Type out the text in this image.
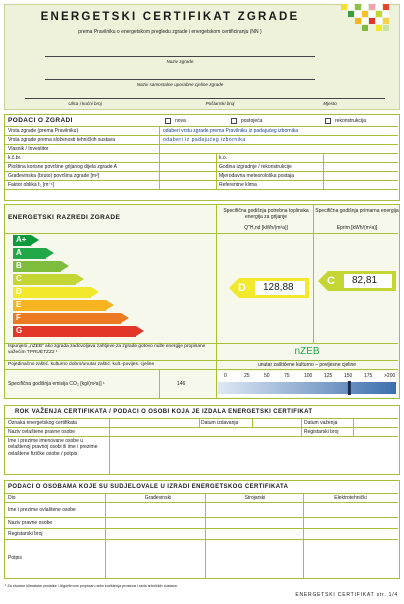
ENERGETSKI CERTIFIKAT ZGRADE
prema Pravilniku o energetskom pregledu zgrade i energetskom certificiranju (NN )
Naziv zgrade
Naziv samostalne uporabne cjeline zgrade
Ulica i kućni broj	Poštanski broj	Mjesto
PODACI O ZGRADI	nova	postojeća	rekonstrukcija
Vrsta zgrade (prema Pravilniku)	odaberi vrstu zgrade prema Pravilniku iz padajućeg izbornika
Vrsta zgrade prema složenosti tehničkih sustava	odaberi iz padajućeg izbornika
Vlasnik / Investitor
k.č.br.	k.o.
Ploština korisne površine grijanog dijela zgrade A	Godina izgradnje / rekonstrukcije
Građevinska (bruto) površina zgrade [m²]	Mjerodavna meteorološka postaja
Faktor oblika f₀ [m⁻¹]	Referentne klima
ENERGETSKI RAZREDI ZGRADE
Specifična godišnja potrebna toplinska energija za grijanje
Q''H,nd [kWh/(m²a)]
Specifična godišnja primarna energija
Eprim [kWh/(m²a)]
A+
A
B
C
D
E
F
G
D 128,88
C 82,81
Ispunjeni „nZEB“ ako zgrada zadovoljava zahtjeve za zgrade gotovo nulte energije propisane važećim TPRUETZZ2 ¹	nZEB
Pojedinačno zaštić. kulturno dobro/unutar zaštić. kult.-povijes. cjeline	unutar zaštićene kulturno – povijesne cjeline
Specifična godišnja emisija CO₂ [kg/(m²a)] ¹	146
0	25	50	75	100 125 150 175 >200
ROK VAŽENJA CERTIFIKATA / PODACI O OSOBI KOJA JE IZDALA ENERGETSKI CERTIFIKAT
Oznaka energetskog certifikata	Datum izdavanja	Datum važenja
Naziv ovlaštene pravne osobe	Registarski broj
Ime i prezime imenovane osobe u ovlaštenoj pravnoj osobi ili ime i prezime ovlaštene fizičke osobe / potpis
PODACI O OSOBAMA KOJE SU SUDJELOVALE U IZRADI ENERGETSKOG CERTIFIKATA
Dio	Građevinski	Strojarski	Elektrotehnički
Ime i prezime ovlaštene osobe
Naziv pravne osobe
Registarski broj
Potpis
¹ Za stvarne klimatske podatke / Algoritmom propisan raiim korištenja prostora i rada tehničkih sustava
ENERGETSKI CERTIFIKAT str. 1/4
